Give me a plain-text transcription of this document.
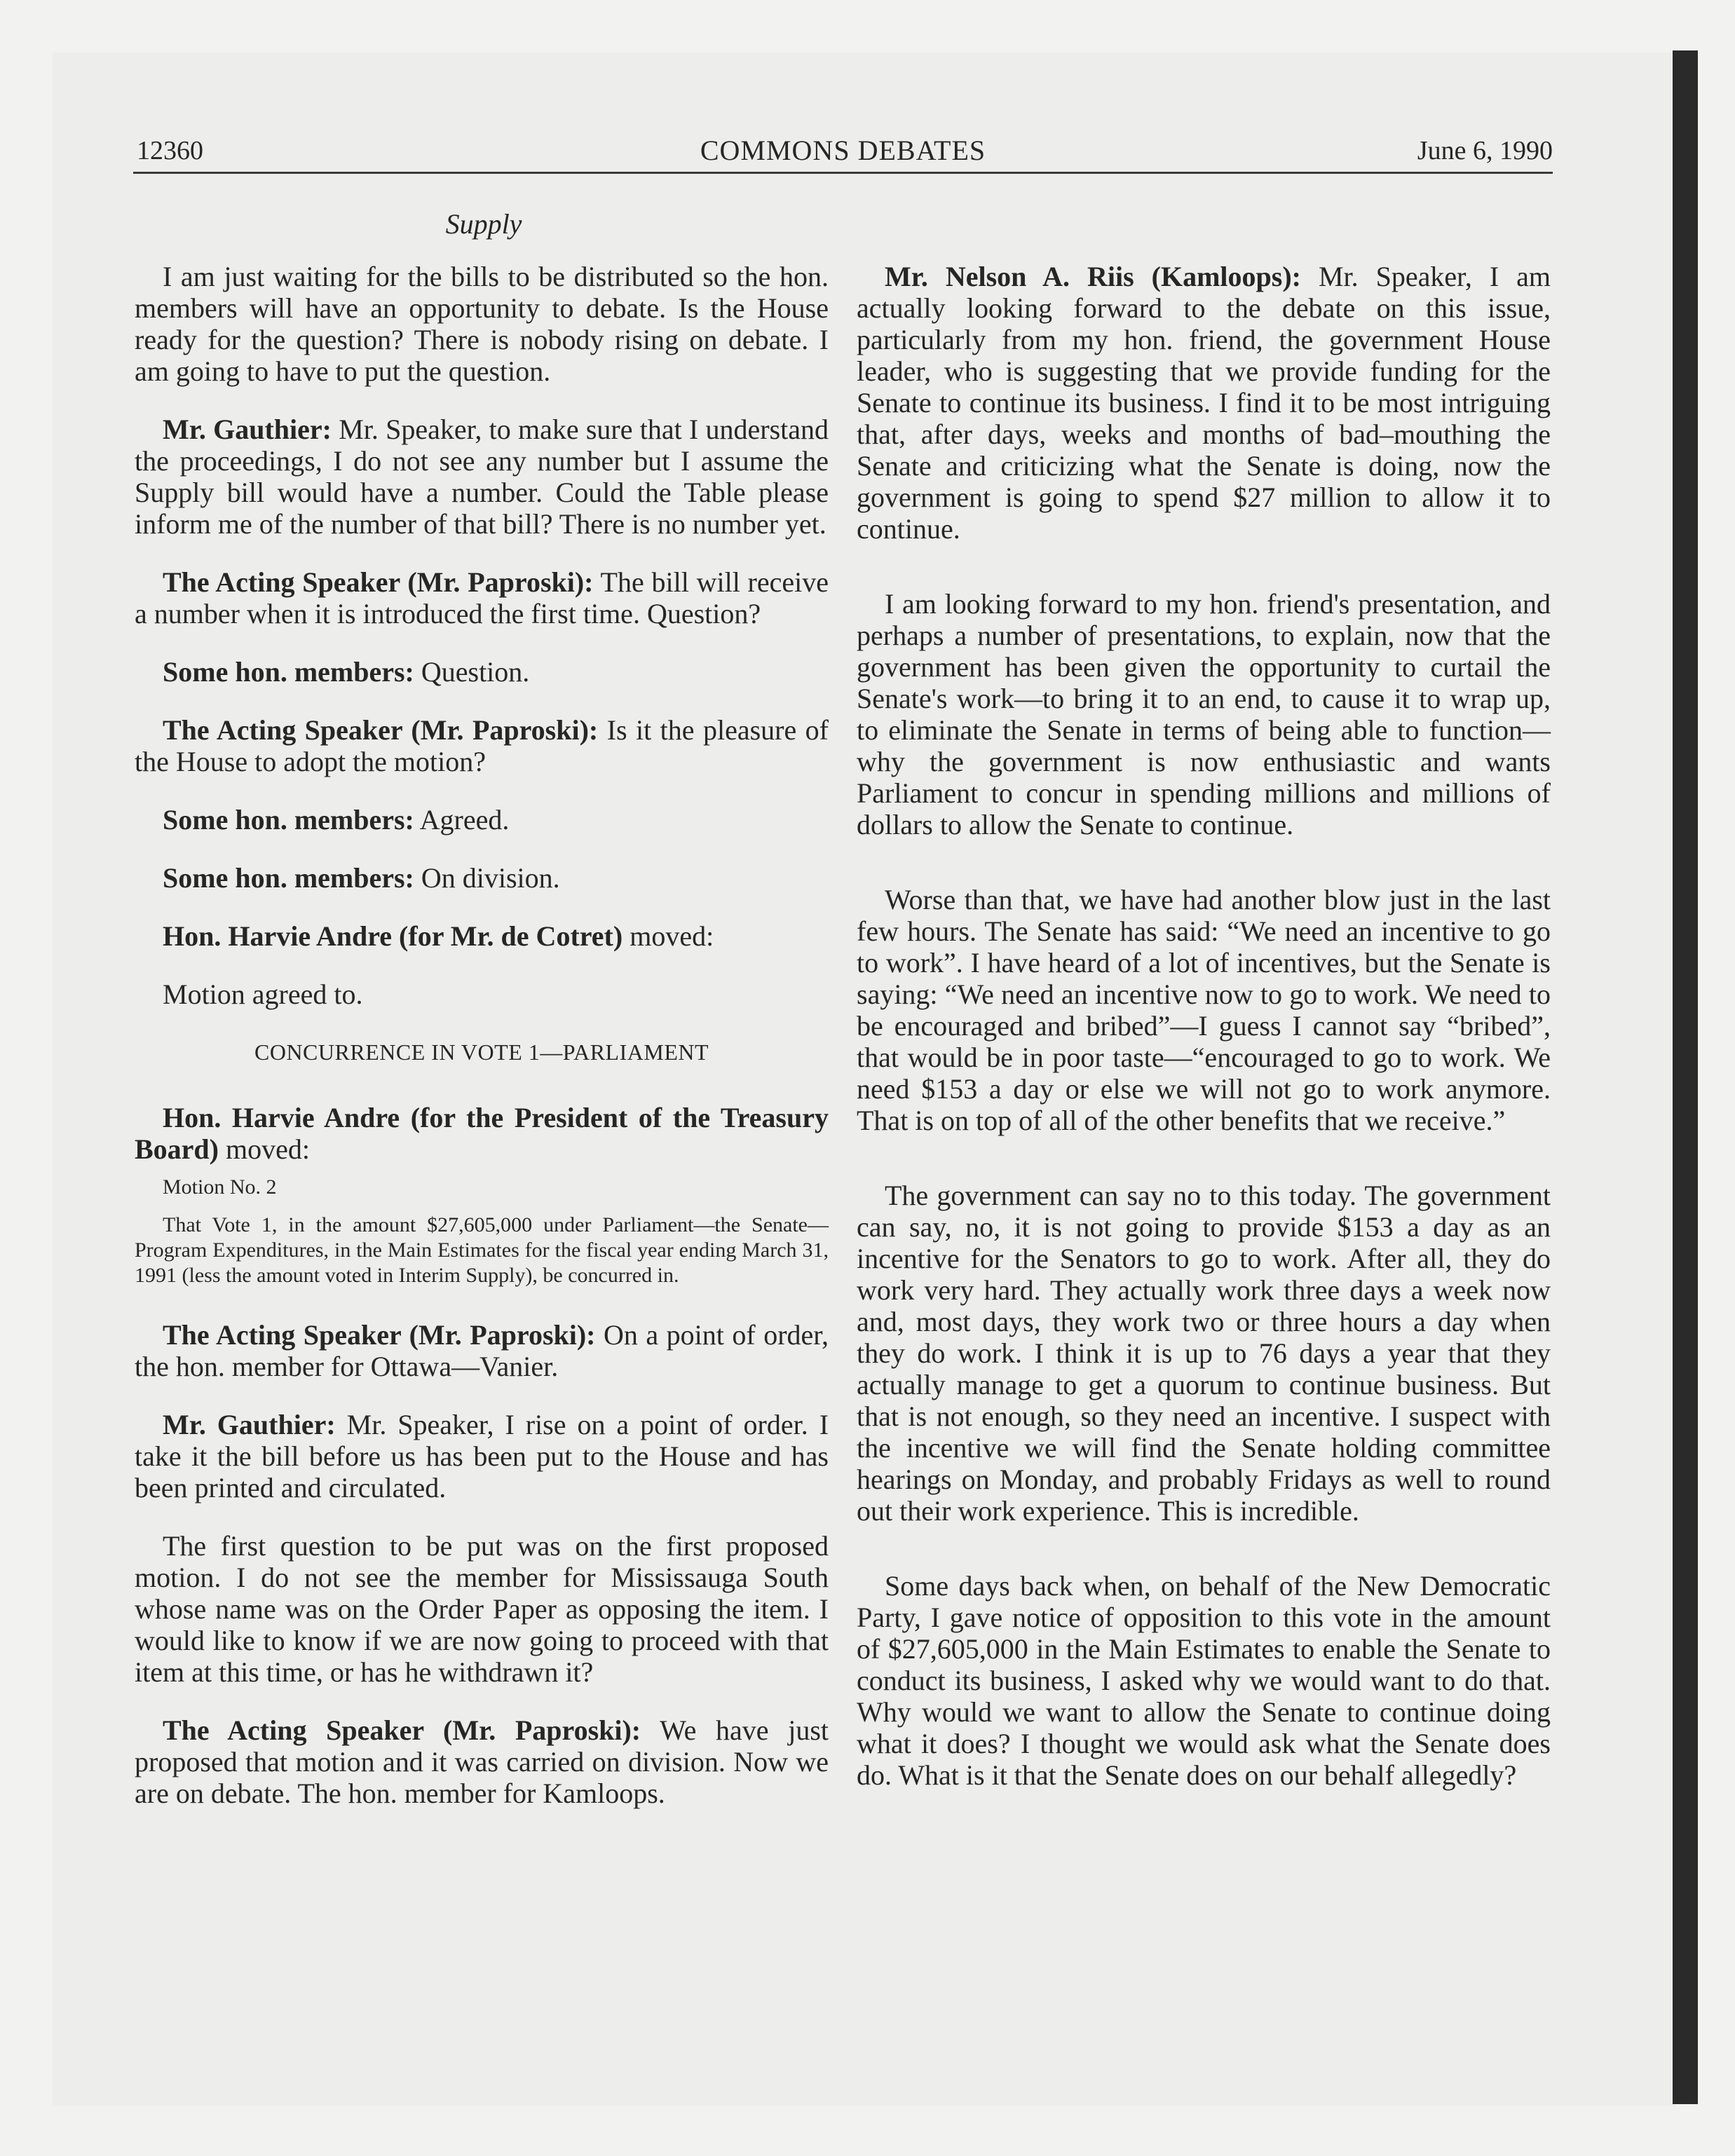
12360	COMMONS DEBATES	June 6, 1990
Supply

I am just waiting for the bills to be distributed so the hon. members will have an opportunity to debate. Is the House ready for the question? There is nobody rising on debate. I am going to have to put the question.

Mr. Gauthier: Mr. Speaker, to make sure that I understand the proceedings, I do not see any number but I assume the Supply bill would have a number. Could the Table please inform me of the number of that bill? There is no number yet.

The Acting Speaker (Mr. Paproski): The bill will receive a number when it is introduced the first time. Question?

Some hon. members: Question.

The Acting Speaker (Mr. Paproski): Is it the pleasure of the House to adopt the motion?

Some hon. members: Agreed.

Some hon. members: On division.

Hon. Harvie Andre (for Mr. de Cotret) moved:

Motion agreed to.

CONCURRENCE IN VOTE 1—PARLIAMENT

Hon. Harvie Andre (for the President of the Treasury Board) moved:

Motion No. 2
That Vote 1, in the amount $27,605,000 under Parliament—the Senate—Program Expenditures, in the Main Estimates for the fiscal year ending March 31, 1991 (less the amount voted in Interim Supply), be concurred in.

The Acting Speaker (Mr. Paproski): On a point of order, the hon. member for Ottawa—Vanier.

Mr. Gauthier: Mr. Speaker, I rise on a point of order. I take it the bill before us has been put to the House and has been printed and circulated.

The first question to be put was on the first proposed motion. I do not see the member for Mississauga South whose name was on the Order Paper as opposing the item. I would like to know if we are now going to proceed with that item at this time, or has he withdrawn it?

The Acting Speaker (Mr. Paproski): We have just proposed that motion and it was carried on division. Now we are on debate. The hon. member for Kamloops.

Mr. Nelson A. Riis (Kamloops): Mr. Speaker, I am actually looking forward to the debate on this issue, particularly from my hon. friend, the government House leader, who is suggesting that we provide funding for the Senate to continue its business. I find it to be most intriguing that, after days, weeks and months of bad–mouthing the Senate and criticizing what the Senate is doing, now the government is going to spend $27 million to allow it to continue.

I am looking forward to my hon. friend's presentation, and perhaps a number of presentations, to explain, now that the government has been given the opportunity to curtail the Senate's work—to bring it to an end, to cause it to wrap up, to eliminate the Senate in terms of being able to function—why the government is now enthusiastic and wants Parliament to concur in spending millions and millions of dollars to allow the Senate to continue.

Worse than that, we have had another blow just in the last few hours. The Senate has said: “We need an incentive to go to work”. I have heard of a lot of incentives, but the Senate is saying: “We need an incentive now to go to work. We need to be encouraged and bribed”—I guess I cannot say “bribed”, that would be in poor taste—“encouraged to go to work. We need $153 a day or else we will not go to work anymore. That is on top of all of the other benefits that we receive.”

The government can say no to this today. The government can say, no, it is not going to provide $153 a day as an incentive for the Senators to go to work. After all, they do work very hard. They actually work three days a week now and, most days, they work two or three hours a day when they do work. I think it is up to 76 days a year that they actually manage to get a quorum to continue business. But that is not enough, so they need an incentive. I suspect with the incentive we will find the Senate holding committee hearings on Monday, and probably Fridays as well to round out their work experience. This is incredible.

Some days back when, on behalf of the New Democratic Party, I gave notice of opposition to this vote in the amount of $27,605,000 in the Main Estimates to enable the Senate to conduct its business, I asked why we would want to do that. Why would we want to allow the Senate to continue doing what it does? I thought we would ask what the Senate does do. What is it that the Senate does on our behalf allegedly?
